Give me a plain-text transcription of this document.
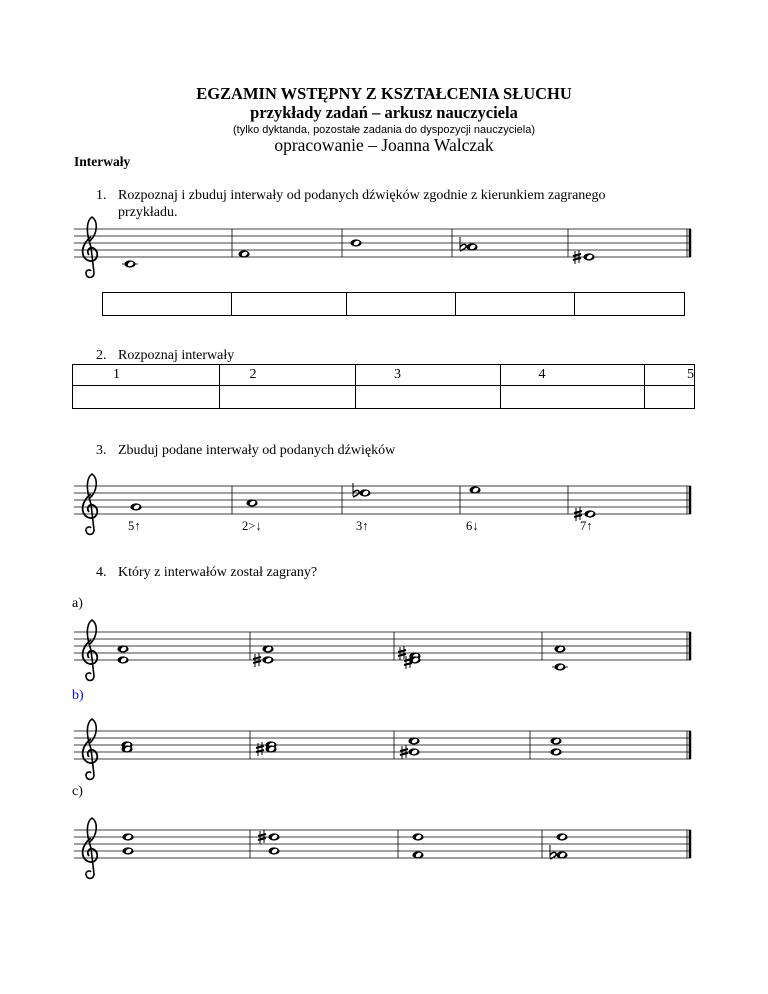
EGZAMIN WSTĘPNY Z KSZTAŁCENIA SŁUCHU
przykłady zadań – arkusz nauczyciela
(tylko dyktanda, pozostałe zadania do dyspozycji nauczyciela)
opracowanie – Joanna Walczak
Interwały
1. Rozpoznaj i zbuduj interwały od podanych dźwięków zgodnie z kierunkiem zagranego
przykładu.

2. Rozpoznaj interwały
1	2	3	4	5

3. Zbuduj podane interwały od podanych dźwięków
5↑	2>↓	3↑	6↓	7↑
4. Który z interwałów został zagrany?
a)
b)
c)
